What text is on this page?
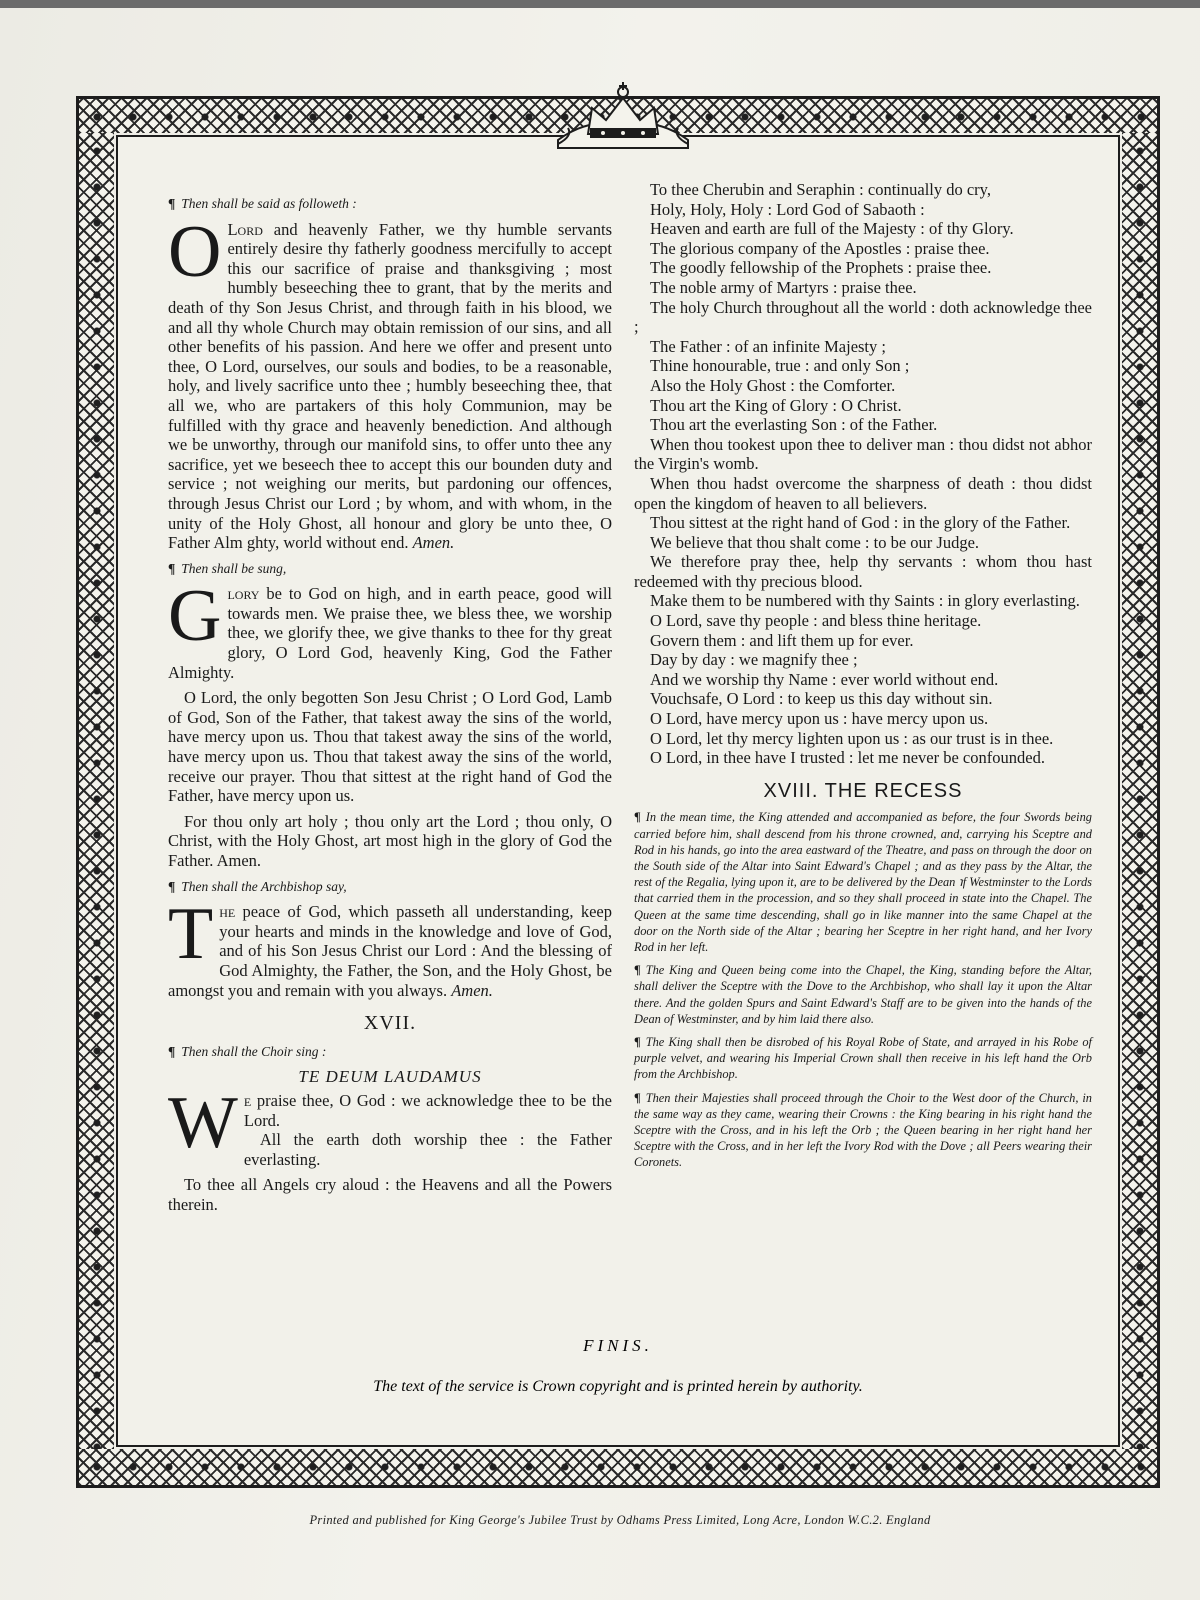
¶ Then shall be said as followeth :

O Lord and heavenly Father, we thy humble servants entirely desire thy fatherly goodness mercifully to accept this our sacrifice of praise and thanksgiving ; most humbly beseeching thee to grant, that by the merits and death of thy Son Jesus Christ, and through faith in his blood, we and all thy whole Church may obtain remission of our sins, and all other benefits of his passion. And here we offer and present unto thee, O Lord, ourselves, our souls and bodies, to be a reasonable, holy, and lively sacrifice unto thee ; humbly beseeching thee, that all we, who are partakers of this holy Communion, may be fulfilled with thy grace and heavenly benediction. And although we be unworthy, through our manifold sins, to offer unto thee any sacrifice, yet we beseech thee to accept this our bounden duty and service ; not weighing our merits, but pardoning our offences, through Jesus Christ our Lord ; by whom, and with whom, in the unity of the Holy Ghost, all honour and glory be unto thee, O Father Alm ghty, world without end. Amen.

¶ Then shall be sung,

Glory be to God on high, and in earth peace, good will towards men. We praise thee, we bless thee, we worship thee, we glorify thee, we give thanks to thee for thy great glory, O Lord God, heavenly King, God the Father Almighty.

O Lord, the only begotten Son Jesu Christ ; O Lord God, Lamb of God, Son of the Father, that takest away the sins of the world, have mercy upon us. Thou that takest away the sins of the world, have mercy upon us. Thou that takest away the sins of the world, receive our prayer. Thou that sittest at the right hand of God the Father, have mercy upon us.

For thou only art holy ; thou only art the Lord ; thou only, O Christ, with the Holy Ghost, art most high in the glory of God the Father. Amen.

¶ Then shall the Archbishop say,

The peace of God, which passeth all understanding, keep your hearts and minds in the knowledge and love of God, and of his Son Jesus Christ our Lord : And the blessing of God Almighty, the Father, the Son, and the Holy Ghost, be amongst you and remain with you always. Amen.

XVII.

¶ Then shall the Choir sing :

TE DEUM LAUDAMUS

We praise thee, O God : we acknowledge thee to be the Lord.
All the earth doth worship thee : the Father everlasting.

To thee all Angels cry aloud : the Heavens and all the Powers therein.

To thee Cherubin and Seraphin : continually do cry,

Holy, Holy, Holy : Lord God of Sabaoth :

Heaven and earth are full of the Majesty : of thy Glory.

The glorious company of the Apostles : praise thee.

The goodly fellowship of the Prophets : praise thee.

The noble army of Martyrs : praise thee.

The holy Church throughout all the world : doth acknowledge thee ;

The Father : of an infinite Majesty ;

Thine honourable, true : and only Son ;

Also the Holy Ghost : the Comforter.

Thou art the King of Glory : O Christ.

Thou art the everlasting Son : of the Father.

When thou tookest upon thee to deliver man : thou didst not abhor the Virgin's womb.

When thou hadst overcome the sharpness of death : thou didst open the kingdom of heaven to all believers.

Thou sittest at the right hand of God : in the glory of the Father.

We believe that thou shalt come : to be our Judge.

We therefore pray thee, help thy servants : whom thou hast redeemed with thy precious blood.

Make them to be numbered with thy Saints : in glory everlasting.

O Lord, save thy people : and bless thine heritage.

Govern them : and lift them up for ever.

Day by day : we magnify thee ;

And we worship thy Name : ever world without end.

Vouchsafe, O Lord : to keep us this day without sin.

O Lord, have mercy upon us : have mercy upon us.

O Lord, let thy mercy lighten upon us : as our trust is in thee.

O Lord, in thee have I trusted : let me never be confounded.

XVIII. THE RECESS

¶ In the mean time, the King attended and accompanied as before, the four Swords being carried before him, shall descend from his throne crowned, and, carrying his Sceptre and Rod in his hands, go into the area eastward of the Theatre, and pass on through the door on the South side of the Altar into Saint Edward's Chapel ; and as they pass by the Altar, the rest of the Regalia, lying upon it, are to be delivered by the Dean ℩f Westminster to the Lords that carried them in the procession, and so they shall proceed in state into the Chapel. The Queen at the same time descending, shall go in like manner into the same Chapel at the door on the North side of the Altar ; bearing her Sceptre in her right hand, and her Ivory Rod in her left.

¶ The King and Queen being come into the Chapel, the King, standing before the Altar, shall deliver the Sceptre with the Dove to the Archbishop, who shall lay it upon the Altar there. And the golden Spurs and Saint Edward's Staff are to be given into the hands of the Dean of Westminster, and by him laid there also.

¶ The King shall then be disrobed of his Royal Robe of State, and arrayed in his Robe of purple velvet, and wearing his Imperial Crown shall then receive in his left hand the Orb from the Archbishop.

¶ Then their Majesties shall proceed through the Choir to the West door of the Church, in the same way as they came, wearing their Crowns : the King bearing in his right hand the Sceptre with the Cross, and in his left the Orb ; the Queen bearing in her right hand her Sceptre with the Cross, and in her left the Ivory Rod with the Dove ; all Peers wearing their Coronets.

FINIS.
The text of the service is Crown copyright and is printed herein by authority.
Printed and published for King George's Jubilee Trust by Odhams Press Limited, Long Acre, London W.C.2. England
